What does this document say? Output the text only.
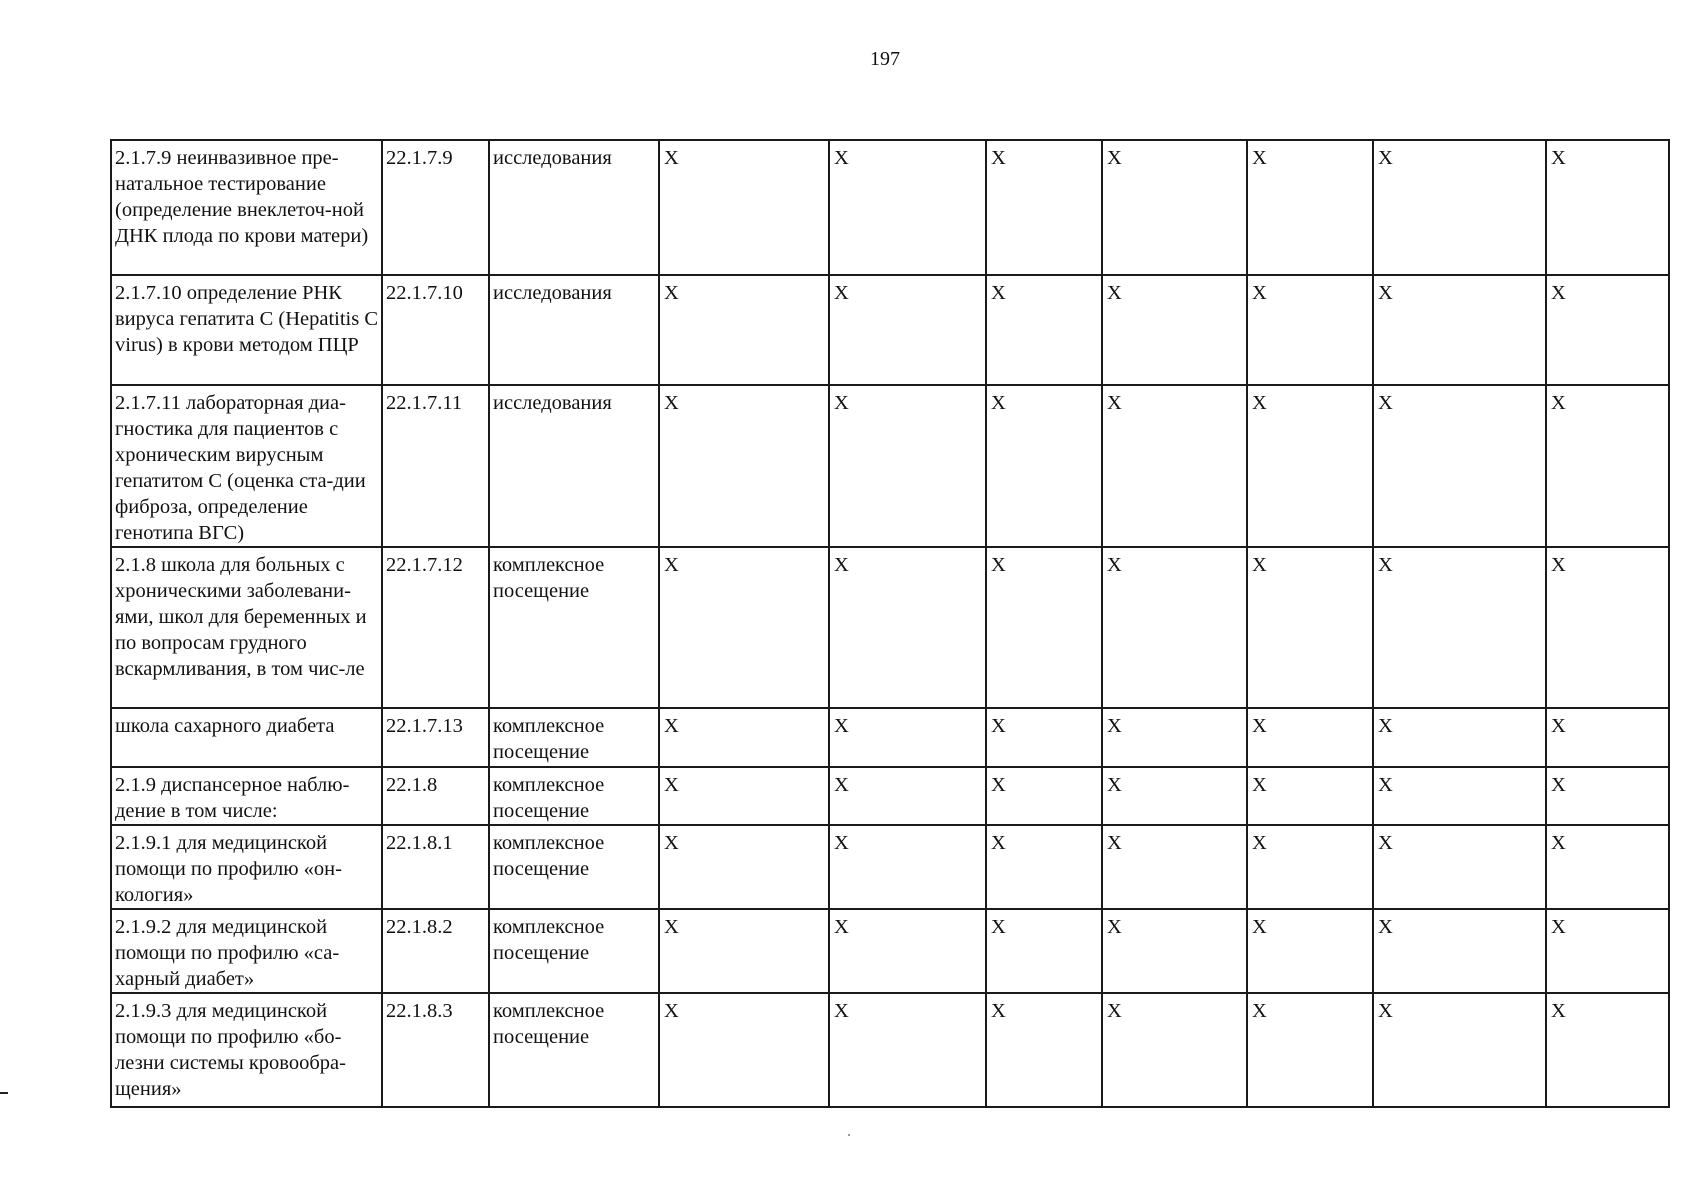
197
2.1.7.9 неинвазивное пре-натальное тестирование (определение внеклеточ-ной ДНК плода по крови матери)	22.1.7.9	исследования	X	X	X	X	X	X	X
2.1.7.10 определение РНК вируса гепатита С (Hepatitis С virus) в крови методом ПЦР	22.1.7.10	исследования	X	X	X	X	X	X	X
2.1.7.11 лабораторная диа-гностика для пациентов с хроническим вирусным гепатитом С (оценка ста-дии фиброза, определение генотипа ВГС)	22.1.7.11	исследования	X	X	X	X	X	X	X
2.1.8 школа для больных с хроническими заболевани-ями, школ для беременных и по вопросам грудного вскармливания, в том чис-ле	22.1.7.12	комплексное посещение	X	X	X	X	X	X	X
школа сахарного диабета	22.1.7.13	комплексное посещение	X	X	X	X	X	X	X
2.1.9 диспансерное наблю-дение в том числе:	22.1.8	комплексное посещение	X	X	X	X	X	X	X
2.1.9.1 для медицинской помощи по профилю «он-кология»	22.1.8.1	комплексное посещение	X	X	X	X	X	X	X
2.1.9.2 для медицинской помощи по профилю «са-харный диабет»	22.1.8.2	комплексное посещение	X	X	X	X	X	X	X
2.1.9.3 для медицинской помощи по профилю «бо-лезни системы кровообра-щения»	22.1.8.3	комплексное посещение	X	X	X	X	X	X	X
